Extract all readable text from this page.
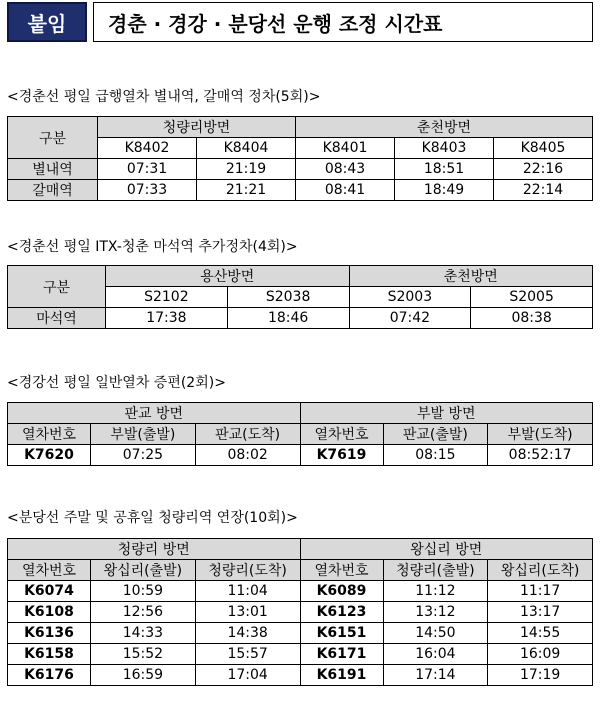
붙임	경춘 · 경강 · 분당선 운행 조정 시간표
<경춘선 평일 급행열차 별내역, 갈매역 정차(5회)>
구분	청량리방면		춘천방면		
	K8402	K8404	K8401	K8403	K8405
별내역	07:31	21:19	08:43	18:51	22:16
갈매역	07:33	21:21	08:41	18:49	22:14
<경춘선 평일 ITX-청춘 마석역 추가정차(4회)>
구분	용산방면		춘천방면	
	S2102	S2038	S2003	S2005
마석역	17:38	18:46	07:42	08:38
<경강선 평일 일반열차 증편(2회)>
판교 방면			부발 방면		
열차번호	부발(출발)	판교(도착)	열차번호	판교(출발)	부발(도착)
K7620	07:25	08:02	K7619	08:15	08:52:17
<분당선 주말 및 공휴일 청량리역 연장(10회)>
청량리 방면			왕십리 방면		
열차번호	왕십리(출발)	청량리(도착)	열차번호	청량리(출발)	왕십리(도착)
K6074	10:59	11:04	K6089	11:12	11:17
K6108	12:56	13:01	K6123	13:12	13:17
K6136	14:33	14:38	K6151	14:50	14:55
K6158	15:52	15:57	K6171	16:04	16:09
K6176	16:59	17:04	K6191	17:14	17:19
